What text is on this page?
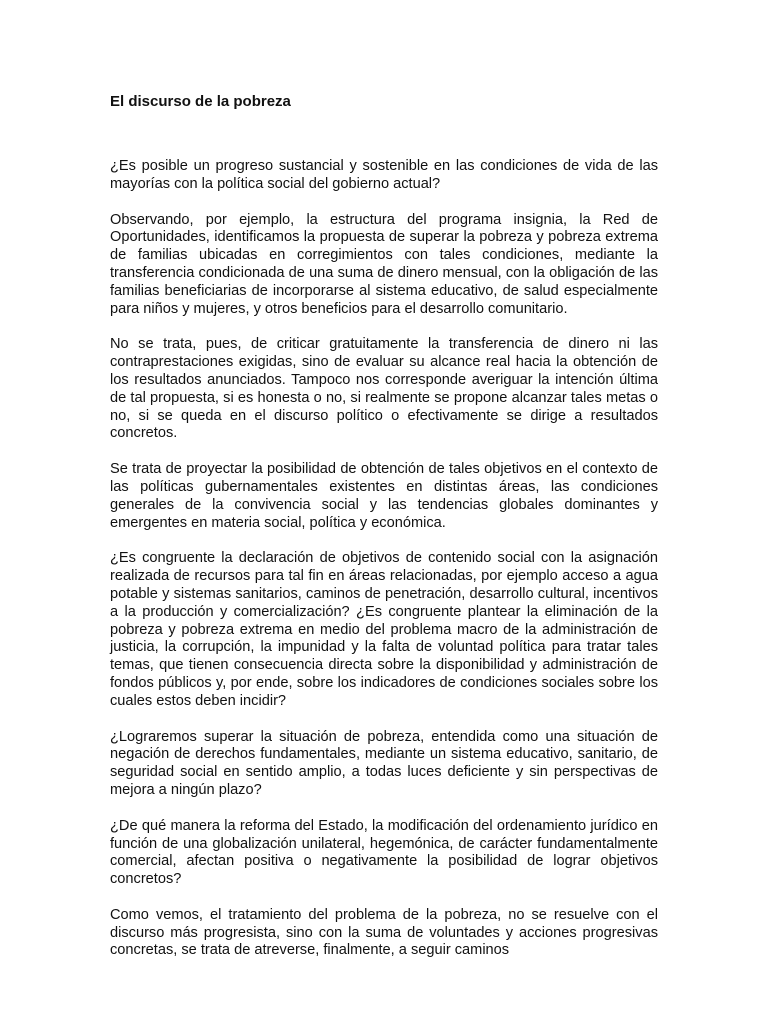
El discurso de la pobreza

¿Es posible un progreso sustancial y sostenible en las condiciones de vida de las mayorías con la política social del gobierno actual?

Observando, por ejemplo, la estructura del programa insignia, la Red de Oportunidades, identificamos la propuesta de superar la pobreza y pobreza extrema de familias ubicadas en corregimientos con tales condiciones, mediante la transferencia condicionada de una suma de dinero mensual, con la obligación de las familias beneficiarias de incorporarse al sistema educativo, de salud especialmente para niños y mujeres, y otros beneficios para el desarrollo comunitario.

No se trata, pues, de criticar gratuitamente la transferencia de dinero ni las contraprestaciones exigidas, sino de evaluar su alcance real hacia la obtención de los resultados anunciados. Tampoco nos corresponde averiguar la intención última de tal propuesta, si es honesta o no, si realmente se propone alcanzar tales metas o no, si se queda en el discurso político o efectivamente se dirige a resultados concretos.

Se trata de proyectar la posibilidad de obtención de tales objetivos en el contexto de las políticas gubernamentales existentes en distintas áreas, las condiciones generales de la convivencia social y las tendencias globales dominantes y emergentes en materia social, política y económica.

¿Es congruente la declaración de objetivos de contenido social con la asignación realizada de recursos para tal fin en áreas relacionadas, por ejemplo acceso a agua potable y sistemas sanitarios, caminos de penetración, desarrollo cultural, incentivos a la producción y comercialización? ¿Es congruente plantear la eliminación de la pobreza y pobreza extrema en medio del problema macro de la administración de justicia, la corrupción, la impunidad y la falta de voluntad política para tratar tales temas, que tienen consecuencia directa sobre la disponibilidad y administración de fondos públicos y, por ende, sobre los indicadores de condiciones sociales sobre los cuales estos deben incidir?

¿Lograremos superar la situación de pobreza, entendida como una situación de negación de derechos fundamentales, mediante un sistema educativo, sanitario, de seguridad social en sentido amplio, a todas luces deficiente y sin perspectivas de mejora a ningún plazo?

¿De qué manera la reforma del Estado, la modificación del ordenamiento jurídico en función de una globalización unilateral, hegemónica, de carácter fundamentalmente comercial, afectan positiva o negativamente la posibilidad de lograr objetivos concretos?

Como vemos, el tratamiento del problema de la pobreza, no se resuelve con el discurso más progresista, sino con la suma de voluntades y acciones progresivas concretas, se trata de atreverse, finalmente, a seguir caminos
